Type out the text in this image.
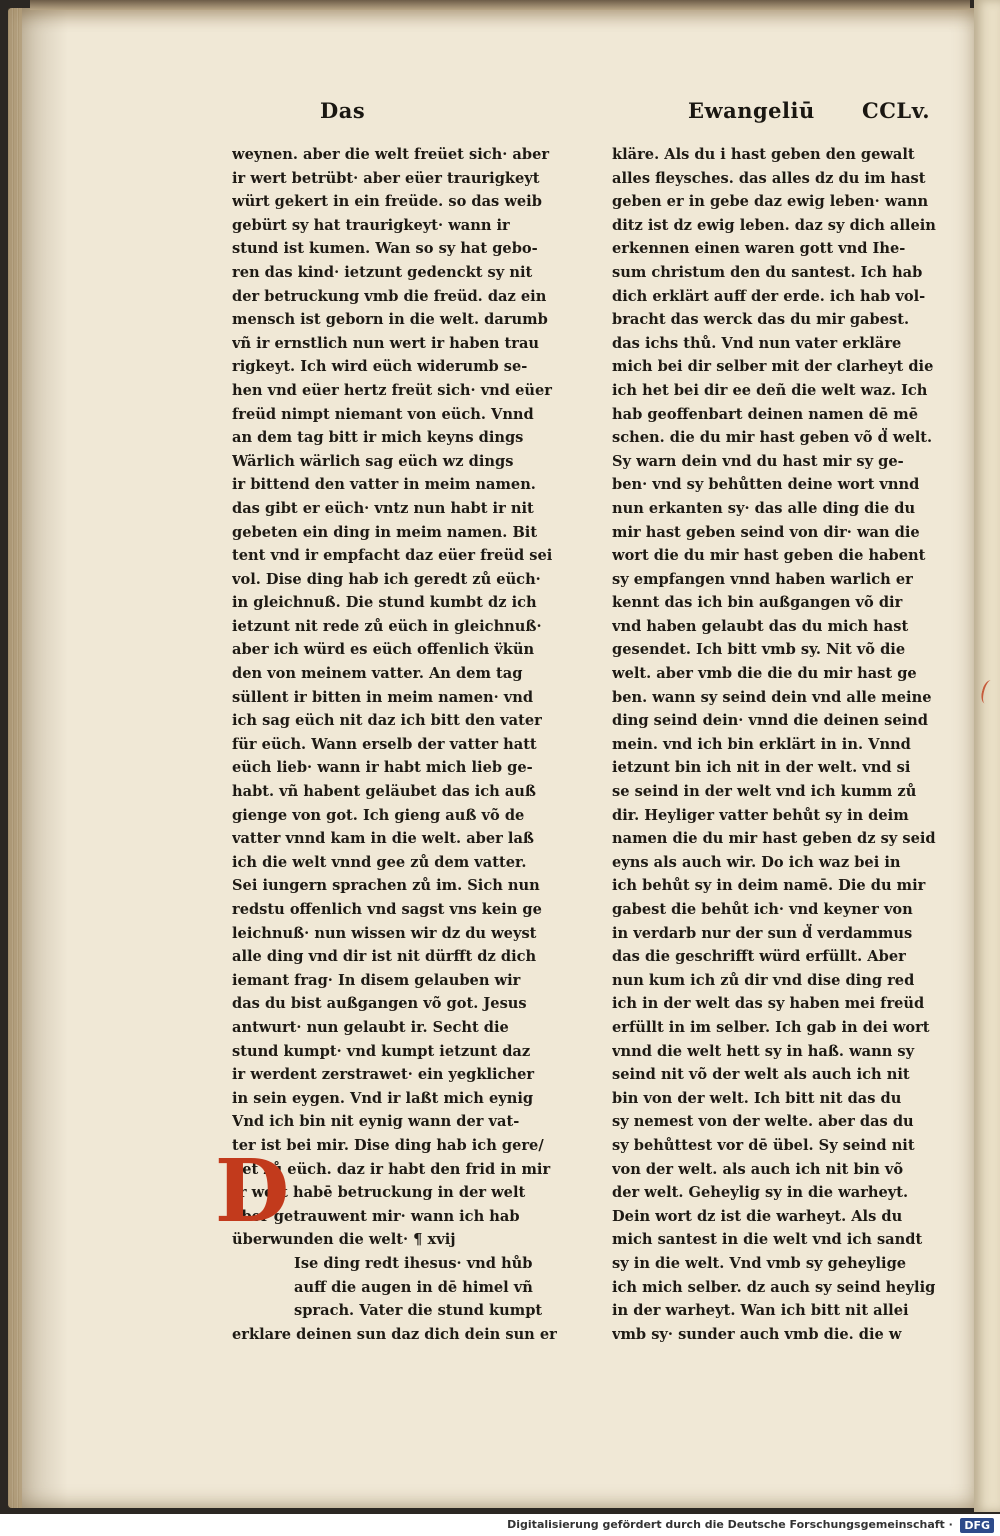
Das	Ewangeliū CCLv.
weynen. aber die welt freüet sich· aber
ir wert betrübt· aber eüer traurigkeyt
würt gekert in ein freüde. so das weib
gebürt sy hat traurigkeyt· wann ir
stund ist kumen. Wan so sy hat gebo-
ren das kind· ietzunt gedenckt sy nit
der betruckung vmb die freüd. daz ein
mensch ist geborn in die welt. darumb
vñ ir ernstlich nun wert ir haben trau
rigkeyt. Ich wird eüch widerumb se-
hen vnd eüer hertz freüt sich· vnd eüer
freüd nimpt niemant von eüch. Vnnd
an dem tag bitt ir mich keyns dings
Wärlich wärlich sag eüch wz dings
ir bittend den vatter in meim namen.
das gibt er eüch· vntz nun habt ir nit
gebeten ein ding in meim namen. Bit
tent vnd ir empfacht daz eüer freüd sei
vol. Dise ding hab ich geredt zů eüch·
in gleichnuß. Die stund kumbt dz ich
ietzunt nit rede zů eüch in gleichnuß·
aber ich würd es eüch offenlich v̈kün
den von meinem vatter. An dem tag
süllent ir bitten in meim namen· vnd
ich sag eüch nit daz ich bitt den vater
für eüch. Wann erselb der vatter hatt
eüch lieb· wann ir habt mich lieb ge-
habt. vñ habent geläubet das ich auß
gienge von got. Ich gieng auß võ de
vatter vnnd kam in die welt. aber laß
ich die welt vnnd gee zů dem vatter.
Sei iungern sprachen zů im. Sich nun
redstu offenlich vnd sagst vns kein ge
leichnuß· nun wissen wir dz du weyst
alle ding vnd dir ist nit dürfft dz dich
iemant frag· In disem gelauben wir
das du bist außgangen võ got. Jesus
antwurt· nun gelaubt ir. Secht die
stund kumpt· vnd kumpt ietzunt daz
ir werdent zerstrawet· ein yegklicher
in sein eygen. Vnd ir laßt mich eynig
Vnd ich bin nit eynig wann der vat-
ter ist bei mir. Dise ding hab ich gere/
det zů eüch. daz ir habt den frid in mir
Ir wert habē betruckung in der welt
aber getrauwent mir· wann ich hab
überwunden die welt· ¶ xvij
Ise ding redt ihesus· vnd hůb
auff die augen in dē himel vñ
sprach. Vater die stund kumpt
erklare deinen sun daz dich dein sun er
kläre. Als du i hast geben den gewalt
alles fleysches. das alles dz du im hast
geben er in gebe daz ewig leben· wann
ditz ist dz ewig leben. daz sy dich allein
erkennen einen waren gott vnd Ihe-
sum christum den du santest. Ich hab
dich erklärt auff der erde. ich hab vol-
bracht das werck das du mir gabest.
das ichs thů. Vnd nun vater erkläre
mich bei dir selber mit der clarheyt die
ich het bei dir ee deñ die welt waz. Ich
hab geoffenbart deinen namen dē mē
schen. die du mir hast geben võ d̈ welt.
Sy warn dein vnd du hast mir sy ge-
ben· vnd sy behůtten deine wort vnnd
nun erkanten sy· das alle ding die du
mir hast geben seind von dir· wan die
wort die du mir hast geben die habent
sy empfangen vnnd haben warlich er
kennt das ich bin außgangen võ dir
vnd haben gelaubt das du mich hast
gesendet. Ich bitt vmb sy. Nit võ die
welt. aber vmb die die du mir hast ge
ben. wann sy seind dein vnd alle meine
ding seind dein· vnnd die deinen seind
mein. vnd ich bin erklärt in in. Vnnd
ietzunt bin ich nit in der welt. vnd si
se seind in der welt vnd ich kumm zů
dir. Heyliger vatter behůt sy in deim
namen die du mir hast geben dz sy seid
eyns als auch wir. Do ich waz bei in
ich behůt sy in deim namē. Die du mir
gabest die behůt ich· vnd keyner von
in verdarb nur der sun d̈ verdammus
das die geschrifft würd erfüllt. Aber
nun kum ich zů dir vnd dise ding red
ich in der welt das sy haben mei freüd
erfüllt in im selber. Ich gab in dei wort
vnnd die welt hett sy in haß. wann sy
seind nit võ der welt als auch ich nit
bin von der welt. Ich bitt nit das du
sy nemest von der welte. aber das du
sy behůttest vor dē übel. Sy seind nit
von der welt. als auch ich nit bin võ
der welt. Geheylig sy in die warheyt.
Dein wort dz ist die warheyt. Als du
mich santest in die welt vnd ich sandt
sy in die welt. Vnd vmb sy geheylige
ich mich selber. dz auch sy seind heylig
in der warheyt. Wan ich bitt nit allei
vmb sy· sunder auch vmb die. die w
D
Digitalisierung gefördert durch die Deutsche Forschungsgemeinschaft · DFG
